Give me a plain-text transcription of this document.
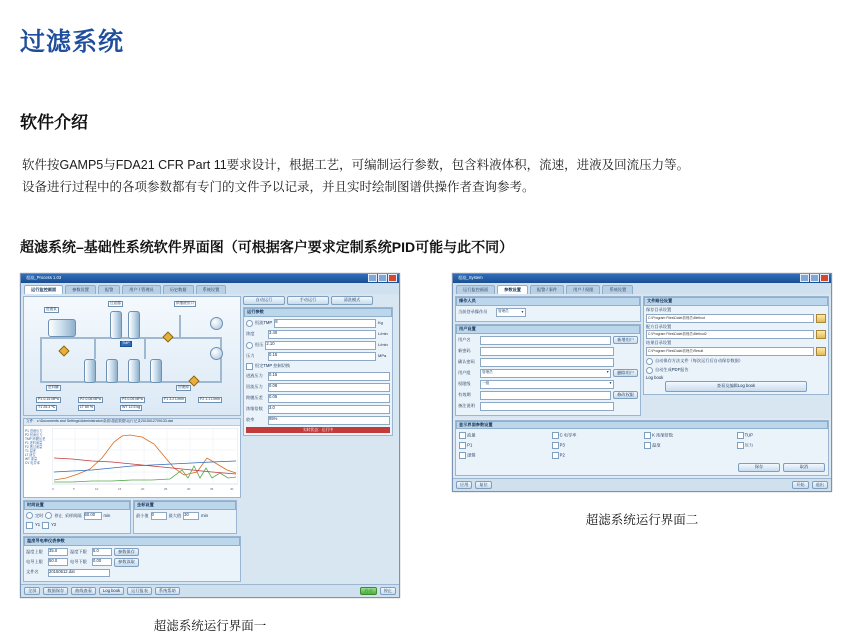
过滤系统
软件介绍
软件按GAMP5与FDA21 CFR Part 11要求设计，根据工艺，可编制运行参数，包含料液体积，流速，进液及回流压力等。
设备进行过程中的各项参数都有专门的文件予以记录，并且实时绘制图谱供操作者查询参考。
超滤系统–基础性系统软件界面图（可根据客户要求定制系统PID可能与此不同）
超滤_Process 1.03
运行监控画面	参数设置	报警	用户 / 管理员	历史数据	系统设置
进液泵
过滤器	浓缩液出口
TMP
进料罐	回流阀
P1 0.15 MPa	P2 0.08 MPa	P3 0.05 MPa	F1 3.2 L/min	F2 1.1 L/min
T1 25.3 ℃	LT 80 %	WT 12.5 kg
文件：c:\Documents and Settings\Administrator\桌面\超滤数据\运行记录2015012709133.dat
P1 进液压力
P2 回流压力
TMP 跨膜压差
F1 进料流量
F2 透过流量
T1 温度
LT 液位
WT 重量
CV 电导率
0	5	10	15	20	25	30	35	40
时间设置
定时	停止 采样间隔 60.00	min
Y1	Y2
坐标设置
最小值 0	最大值 30	min
温度导电率仪表参数
温度上限	35.0	温度下限	5.0	参数保存
电导上限	50.0	电导下限	0.00	参数读取
文件名	20150612.dat
自动运行	手动运行	清洗模式
运行参数
恒流TMP 8	Kg
浓度	3.40	L/min
恒压 2.10	L/min
压力	0.15	MPa
恒定TMP 控制切换
进液压力	0.15
回流压力	0.08
跨膜压差	0.05
浓缩倍数	3.0
收率	95%
实时状态：运行中
全屏	数据保存	曲线查看	Log book	运行报表	系统帮助	启动	停止
超滤系统运行界面一
超滤_System
运行监控画面	参数设置	报警 / 事件	用户 / 权限	系统设置
操作人员
当前登录操作员	管理员	▼
用户设置
用户名	新增用户
新密码
确认密码
用户组	管理员	▼	删除用户
权限级	一级	▼
有效期	修改权限
备注说明
文件路径设置
保存目录设置
C:\Program Files\Data\管理员\Method
配方目录设置
C:\Program Files\Data\管理员\Method2
结果目录设置
C:\Program Files\Data\管理员\Result
自动保存方法文件（每次运行后自动保存数据）
自动生成PDF报告
Log book
查看及编辑Log book
显示界面参数设置
流量	C 电导率	K 浓缩倍数	TUP
P1	P3	温度	压力
逻辑	P2
保存	取消
应用	复位	开始	退出
超滤系统运行界面二
